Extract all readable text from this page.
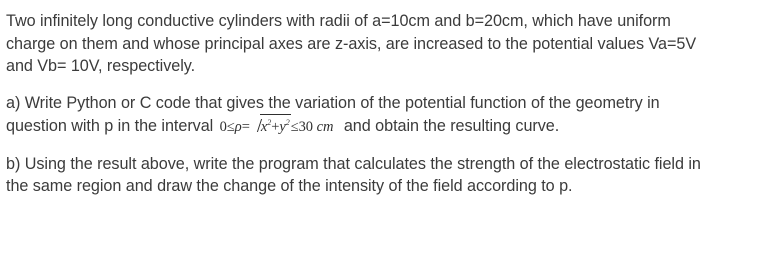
Two infinitely long conductive cylinders with radii of a=10cm and b=20cm, which have uniform
charge on them and whose principal axes are z-axis, are increased to the potential values Va=5V
and Vb= 10V, respectively.

a) Write Python or C code that gives the variation of the potential function of the geometry in
question with p in the interval $0\le\rho= x^2+y^2\le 30$ cm and obtain the resulting curve.

b) Using the result above, write the program that calculates the strength of the electrostatic field in
the same region and draw the change of the intensity of the field according to p.
